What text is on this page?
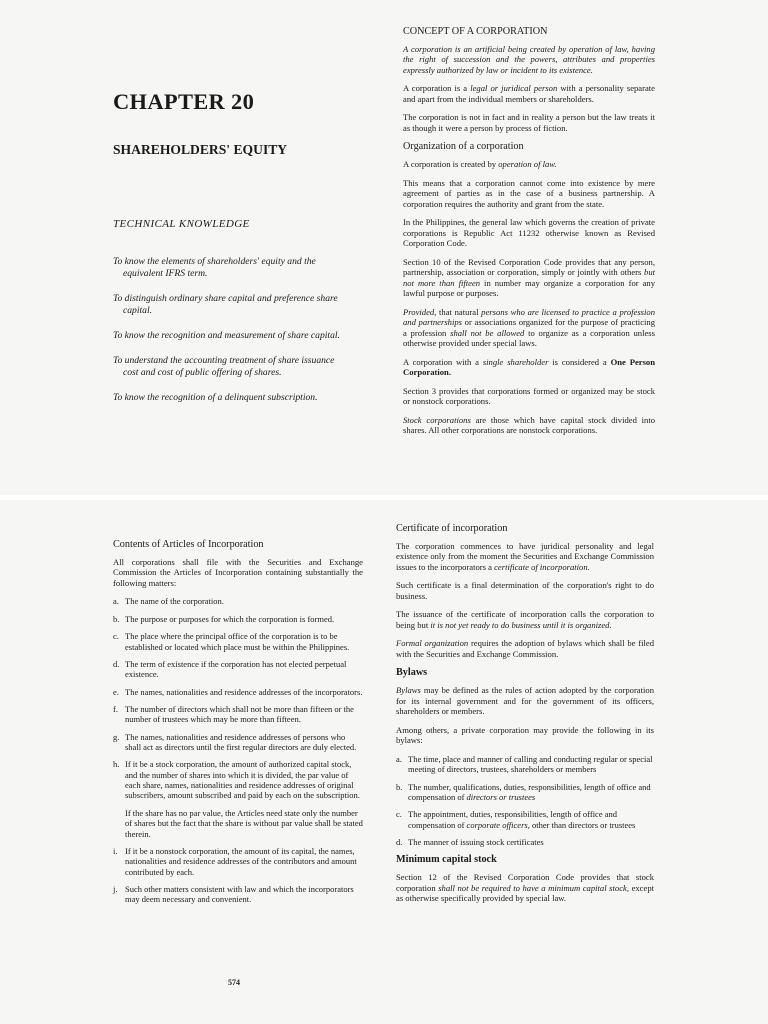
CHAPTER 20
SHAREHOLDERS' EQUITY
TECHNICAL KNOWLEDGE

To know the elements of shareholders' equity and the
equivalent IFRS term.

To distinguish ordinary share capital and preference share
capital.

To know the recognition and measurement of share capital.

To understand the accounting treatment of share issuance
cost and cost of public offering of shares.

To know the recognition of a delinquent subscription.

CONCEPT OF A CORPORATION

A corporation is an artificial being created by operation of law, having the right of succession and the powers, attributes and properties expressly authorized by law or incident to its existence.

A corporation is a legal or juridical person with a personality separate and apart from the individual members or shareholders.

The corporation is not in fact and in reality a person but the law treats it as though it were a person by process of fiction.

Organization of a corporation

A corporation is created by operation of law.

This means that a corporation cannot come into existence by mere agreement of parties as in the case of a business partnership. A corporation requires the authority and grant from the state.

In the Philippines, the general law which governs the creation of private corporations is Republic Act 11232 otherwise known as Revised Corporation Code.

Section 10 of the Revised Corporation Code provides that any person, partnership, association or corporation, simply or jointly with others but not more than fifteen in number may organize a corporation for any lawful purpose or purposes.

Provided, that natural persons who are licensed to practice a profession and partnerships or associations organized for the purpose of practicing a profession shall not be allowed to organize as a corporation unless otherwise provided under special laws.

A corporation with a single shareholder is considered a One Person Corporation.

Section 3 provides that corporations formed or organized may be stock or nonstock corporations.

Stock corporations are those which have capital stock divided into shares. All other corporations are nonstock corporations.

Contents of Articles of Incorporation

All corporations shall file with the Securities and Exchange Commission the Articles of Incorporation containing substantially the following matters:

a. The name of the corporation.
b. The purpose or purposes for which the corporation is formed.
c. The place where the principal office of the corporation is to be established or located which place must be within the Philippines.
d. The term of existence if the corporation has not elected perpetual existence.
e. The names, nationalities and residence addresses of the incorporators.
f. The number of directors which shall not be more than fifteen or the number of trustees which may be more than fifteen.
g. The names, nationalities and residence addresses of persons who shall act as directors until the first regular directors are duly elected.
h. If it be a stock corporation, the amount of authorized capital stock, and the number of shares into which it is divided, the par value of each share, names, nationalities and residence addresses of original subscribers, amount subscribed and paid by each on the subscription.
If the share has no par value, the Articles need state only the number of shares but the fact that the share is without par value shall be stated therein.
i. If it be a nonstock corporation, the amount of its capital, the names, nationalities and residence addresses of the contributors and amount contributed by each.
j. Such other matters consistent with law and which the incorporators may deem necessary and convenient.
574
Certificate of incorporation

The corporation commences to have juridical personality and legal existence only from the moment the Securities and Exchange Commission issues to the incorporators a certificate of incorporation.

Such certificate is a final determination of the corporation's right to do business.

The issuance of the certificate of incorporation calls the corporation to being but it is not yet ready to do business until it is organized.

Formal organization requires the adoption of bylaws which shall be filed with the Securities and Exchange Commission.

Bylaws

Bylaws may be defined as the rules of action adopted by the corporation for its internal government and for the government of its officers, shareholders or members.

Among others, a private corporation may provide the following in its bylaws:

a. The time, place and manner of calling and conducting regular or special meeting of directors, trustees, shareholders or members
b. The number, qualifications, duties, responsibilities, length of office and compensation of directors or trustees
c. The appointment, duties, responsibilities, length of office and compensation of corporate officers, other than directors or trustees
d. The manner of issuing stock certificates
Minimum capital stock

Section 12 of the Revised Corporation Code provides that stock corporation shall not be required to have a minimum capital stock, except as otherwise specifically provided by special law.
